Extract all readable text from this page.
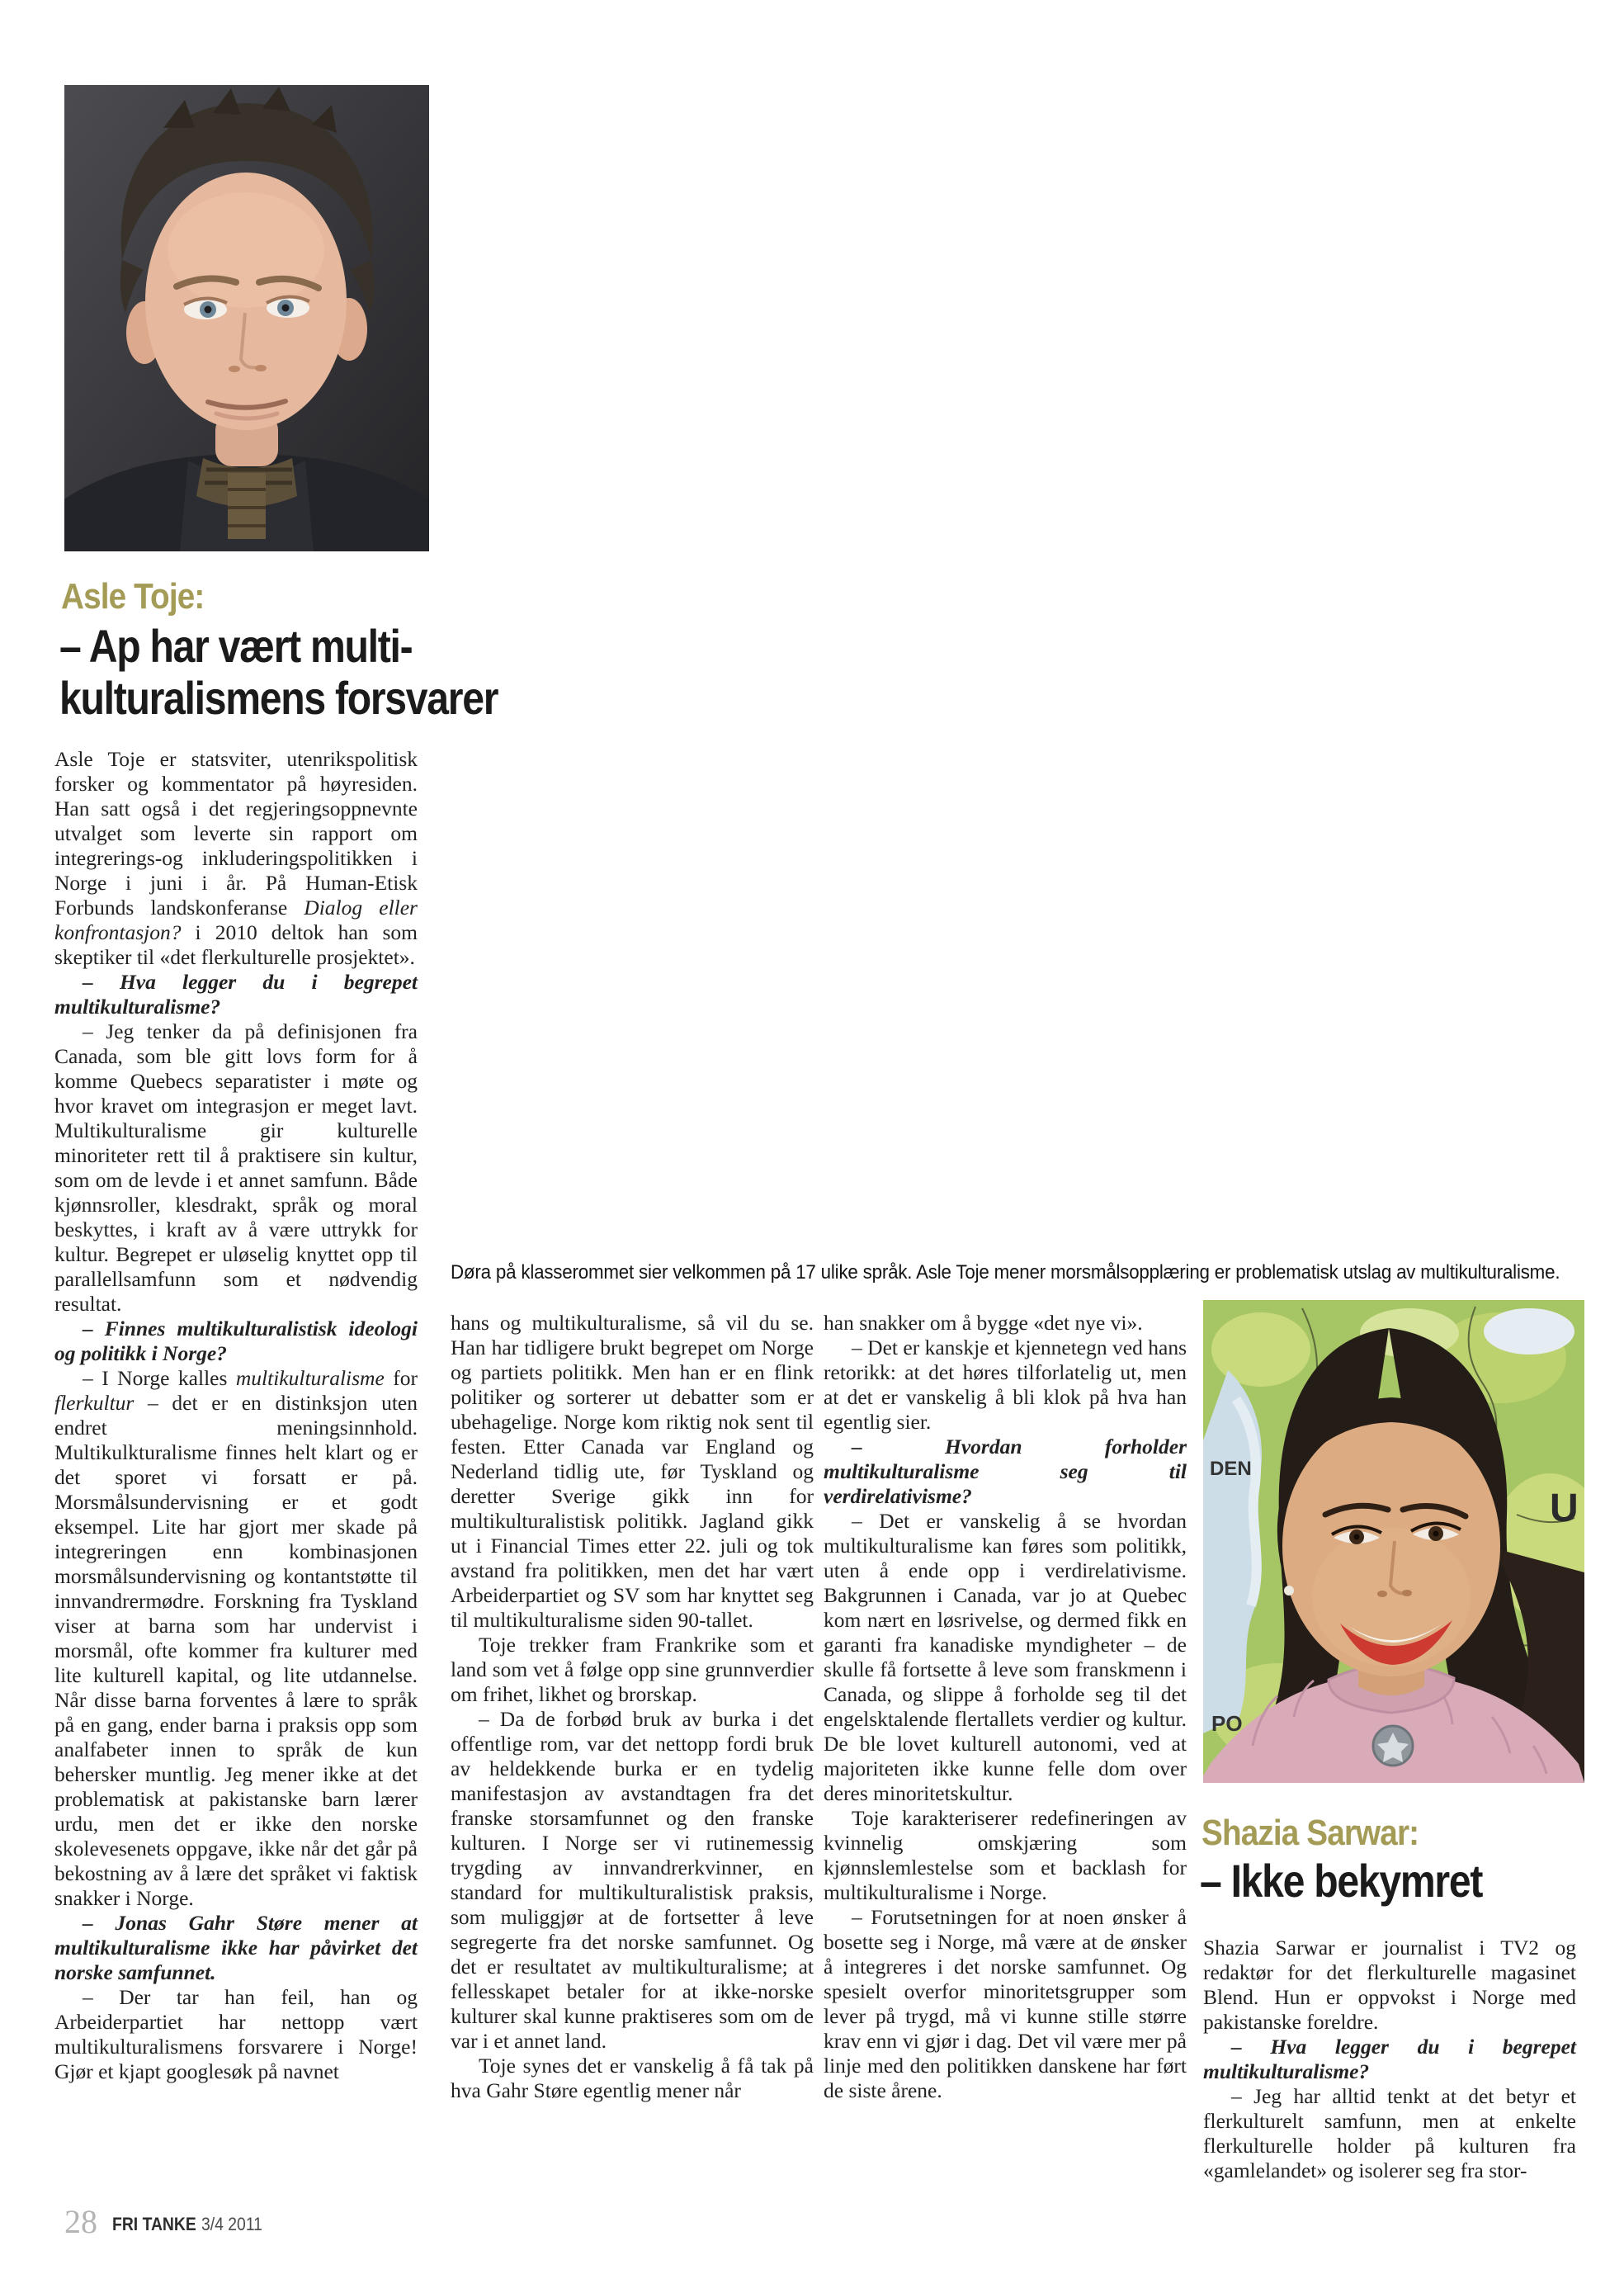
Asle Toje:
– Ap har vært multi-
kulturalismens forsvarer

Asle Toje er statsviter, utenrikspolitisk forsker og kommentator på høyresiden. Han satt også i det regjeringsoppnevnte utvalget som leverte sin rapport om integrerings-og inkluderingspolitikken i Norge i juni i år. På Human-Etisk Forbunds landskonferanse Dialog eller konfrontasjon? i 2010 deltok han som skeptiker til «det flerkulturelle prosjektet».

– Hva legger du i begrepet multikulturalisme?

– Jeg tenker da på definisjonen fra Canada, som ble gitt lovs form for å komme Quebecs separatister i møte og hvor kravet om integrasjon er meget lavt. Multikulturalisme gir kulturelle minoriteter rett til å praktisere sin kultur, som om de levde i et annet samfunn. Både kjønnsroller, klesdrakt, språk og moral beskyttes, i kraft av å være uttrykk for kultur. Begrepet er uløselig knyttet opp til parallellsamfunn som et nødvendig resultat.

– Finnes multikulturalistisk ideologi og politikk i Norge?

– I Norge kalles multikulturalisme for flerkultur – det er en distinksjon uten endret meningsinnhold. Multikulkturalisme finnes helt klart og er det sporet vi forsatt er på. Morsmålsundervisning er et godt eksempel. Lite har gjort mer skade på integreringen enn kombinasjonen morsmålsundervisning og kontantstøtte til innvandrermødre. Forskning fra Tyskland viser at barna som har undervist i morsmål, ofte kommer fra kulturer med lite kulturell kapital, og lite utdannelse. Når disse barna forventes å lære to språk på en gang, ender barna i praksis opp som analfabeter innen to språk de kun behersker muntlig. Jeg mener ikke at det problematisk at pakistanske barn lærer urdu, men det er ikke den norske skolevesenets oppgave, ikke når det går på bekostning av å lære det språket vi faktisk snakker i Norge.

– Jonas Gahr Støre mener at multikulturalisme ikke har påvirket det norske samfunnet.

– Der tar han feil, han og Arbeiderpartiet har nettopp vært multikulturalismens forsvarere i Norge! Gjør et kjapt googlesøk på navnet

hans og multikulturalisme, så vil du se. Han har tidligere brukt begrepet om Norge og partiets politikk. Men han er en flink politiker og sorterer ut debatter som er ubehagelige. Norge kom riktig nok sent til festen. Etter Canada var England og Nederland tidlig ute, før Tyskland og deretter Sverige gikk inn for multikulturalistisk politikk. Jagland gikk ut i Financial Times etter 22. juli og tok avstand fra politikken, men det har vært Arbeiderpartiet og SV som har knyttet seg til multikulturalisme siden 90-tallet.

Toje trekker fram Frankrike som et land som vet å følge opp sine grunnverdier om frihet, likhet og brorskap.

– Da de forbød bruk av burka i det offentlige rom, var det nettopp fordi bruk av heldekkende burka er en tydelig manifestasjon av avstandtagen fra det franske storsamfunnet og den franske kulturen. I Norge ser vi rutinemessig trygding av innvandrerkvinner, en standard for multikulturalistisk praksis, som muliggjør at de fortsetter å leve segregerte fra det norske samfunnet. Og det er resultatet av multikulturalisme; at fellesskapet betaler for at ikke-norske kulturer skal kunne praktiseres som om de var i et annet land.

Toje synes det er vanskelig å få tak på hva Gahr Støre egentlig mener når

han snakker om å bygge «det nye vi».

– Det er kanskje et kjennetegn ved hans retorikk: at det høres tilforlatelig ut, men at det er vanskelig å bli klok på hva han egentlig sier.

– Hvordan forholder multikulturalisme seg til verdirelativisme?

– Det er vanskelig å se hvordan multikulturalisme kan føres som politikk, uten å ende opp i verdirelativisme. Bakgrunnen i Canada, var jo at Quebec kom nært en løsrivelse, og dermed fikk en garanti fra kanadiske myndigheter – de skulle få fortsette å leve som franskmenn i Canada, og slippe å forholde seg til det engelsktalende flertallets verdier og kultur. De ble lovet kulturell autonomi, ved at majoriteten ikke kunne felle dom over deres minoritetskultur.

Toje karakteriserer redefineringen av kvinnelig omskjæring som kjønnslemlestelse som et backlash for multikulturalisme i Norge.

– Forutsetningen for at noen ønsker å bosette seg i Norge, må være at de ønsker å integreres i det norske samfunnet. Og spesielt overfor minoritetsgrupper som lever på trygd, må vi kunne stille større krav enn vi gjør i dag. Det vil være mer på linje med den politikken danskene har ført de siste årene.

Shazia Sarwar er journalist i TV2 og redaktør for det flerkulturelle magasinet Blend. Hun er oppvokst i Norge med pakistanske foreldre.

– Hva legger du i begrepet multikulturalisme?

– Jeg har alltid tenkt at det betyr et flerkulturelt samfunn, men at enkelte flerkulturelle holder på kulturen fra «gamlelandet» og isolerer seg fra stor-

Døra på klasserommet sier velkommen på 17 ulike språk. Asle Toje mener morsmålsopplæring er problematisk utslag av multikulturalisme.
DEN
U
PO
Shazia Sarwar:
– Ikke bekymret
28 FRI TANKE 3/4 2011
